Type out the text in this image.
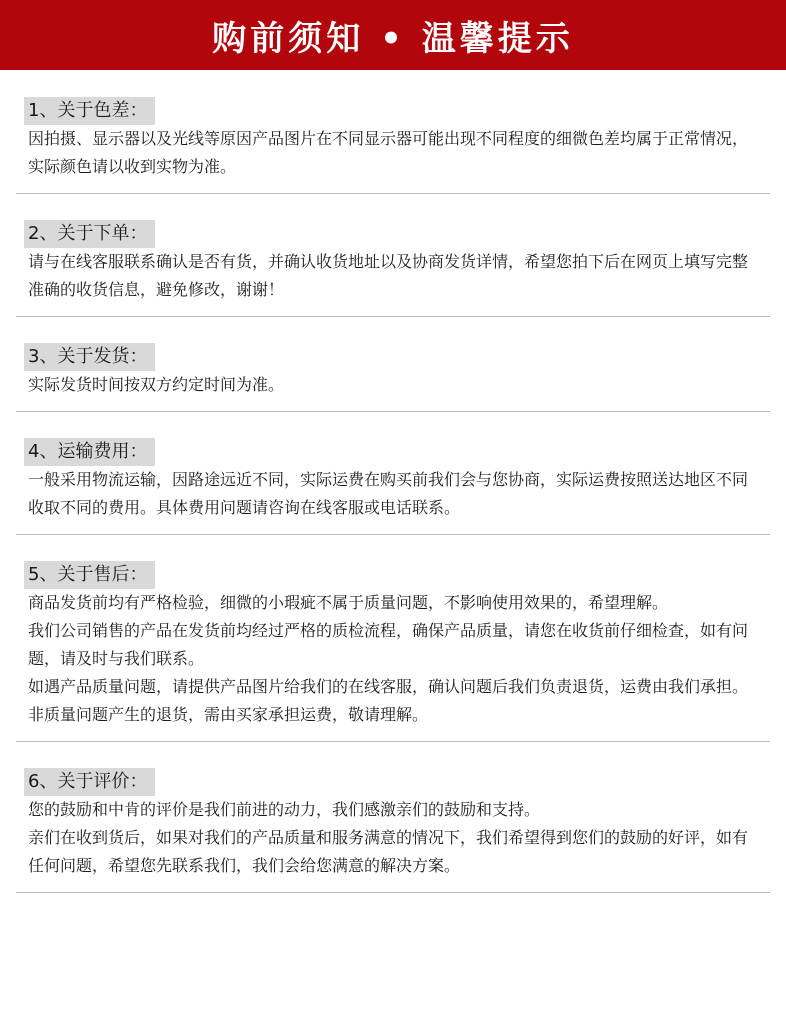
购前须知 • 温馨提示
1、关于色差：

因拍摄、显示器以及光线等原因产品图片在不同显示器可能出现不同程度的细微色差均属于正常情况，实际颜色请以收到实物为准。

2、关于下单：

请与在线客服联系确认是否有货，并确认收货地址以及协商发货详情，希望您拍下后在网页上填写完整准确的收货信息，避免修改，谢谢！

3、关于发货：

实际发货时间按双方约定时间为准。

4、运输费用：

一般采用物流运输，因路途远近不同，实际运费在购买前我们会与您协商，实际运费按照送达地区不同收取不同的费用。具体费用问题请咨询在线客服或电话联系。

5、关于售后：

商品发货前均有严格检验，细微的小瑕疵不属于质量问题，不影响使用效果的，希望理解。

我们公司销售的产品在发货前均经过严格的质检流程，确保产品质量，请您在收货前仔细检查，如有问题，请及时与我们联系。

如遇产品质量问题，请提供产品图片给我们的在线客服，确认问题后我们负责退货，运费由我们承担。非质量问题产生的退货，需由买家承担运费，敬请理解。

6、关于评价：

您的鼓励和中肯的评价是我们前进的动力，我们感激亲们的鼓励和支持。

亲们在收到货后，如果对我们的产品质量和服务满意的情况下，我们希望得到您们的鼓励的好评，如有任何问题，希望您先联系我们，我们会给您满意的解决方案。
